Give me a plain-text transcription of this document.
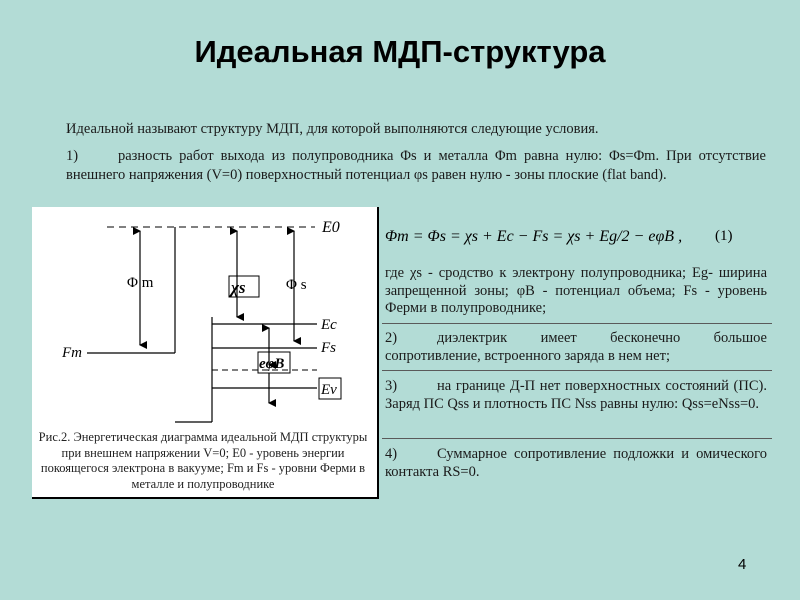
Идеальная МДП-структура
Идеальной называют структуру МДП, для которой выполняются следующие условия.
1)	разность работ выхода из полупроводника Φs и металла Φm равна нулю: Φs=Φm. При отсутствие внешнего напряжения (V=0) поверхностный потенциал φs равен нулю - зоны плоские (flat band).
E0
Φ m	χs	Φ s
Fm
Ec
Fs
eφB
Ev
Рис.2. Энергетическая диаграмма идеальной МДП структуры при внешнем напряжении V=0; E0 - уровень энергии покоящегося электрона в вакууме; Fm и Fs - уровни Ферми в металле и полупроводнике
Φm = Φs = χs + Ec − Fs = χs + Eg/2 − eφB , (1)
где χs - сродство к электрону полупроводника; Eg- ширина запрещенной зоны; φB - потенциал объема; Fs - уровень Ферми в полупроводнике;
2)	диэлектрик имеет бесконечно большое сопротивление, встроенного заряда в нем нет;
3)	на границе Д-П нет поверхностных состояний (ПС). Заряд ПС Qss и плотность ПС Nss равны нулю: Qss=eNss=0.
4)	Суммарное сопротивление подложки и омического контакта RS=0.
4
